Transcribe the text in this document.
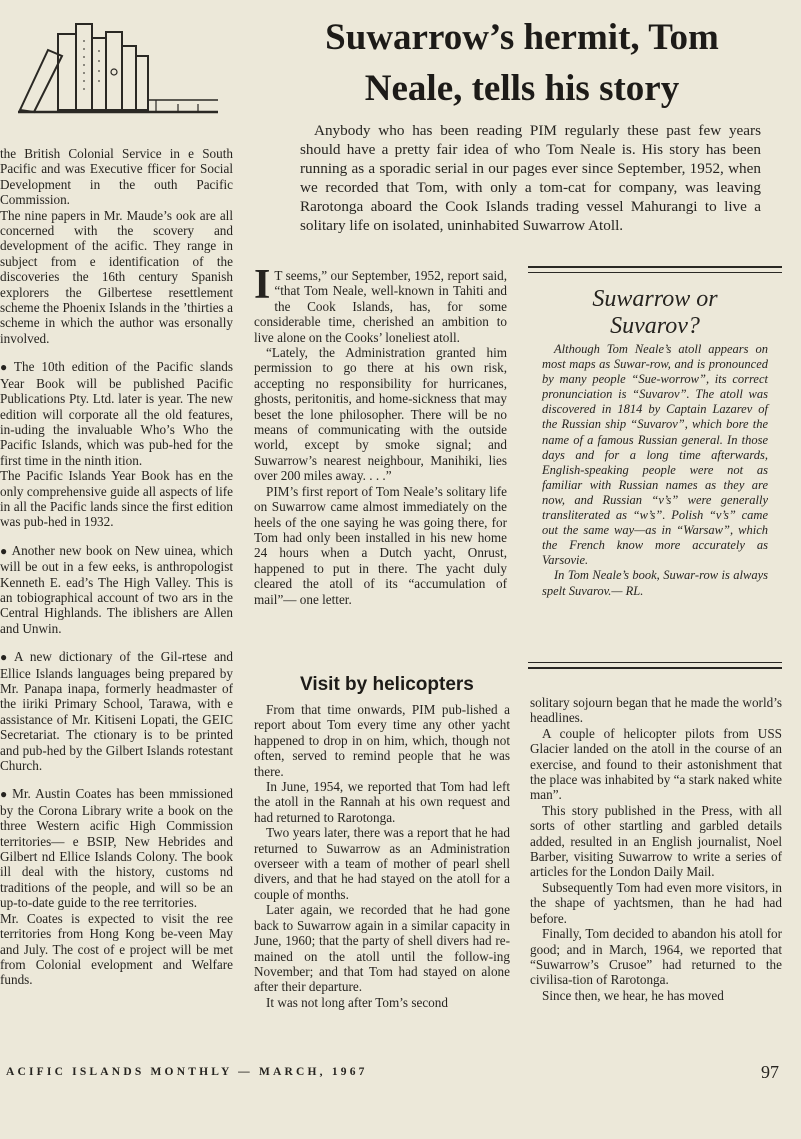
Suwarrow’s hermit, Tom
Neale, tells his story
Anybody who has been reading PIM regularly these past few years should have a pretty fair idea of who Tom Neale is. His story has been running as a sporadic serial in our pages ever since September, 1952, when we recorded that Tom, with only a tom-cat for company, was leaving Rarotonga aboard the Cook Islands trading vessel Mahurangi to live a solitary life on isolated, uninhabited Suwarrow Atoll.

the British Colonial Service in e South Pacific and was Executive fficer for Social Development in the outh Pacific Commission.

The nine papers in Mr. Maude’s ook are all concerned with the scovery and development of the acific. They range in subject from e identification of the discoveries the 16th century Spanish explorers the Gilbertese resettlement scheme the Phoenix Islands in the ’thirties a scheme in which the author was ersonally involved.

● The 10th edition of the Pacific slands Year Book will be published Pacific Publications Pty. Ltd. later is year. The new edition will corporate all the old features, in-uding the invaluable Who’s Who the Pacific Islands, which was pub-hed for the first time in the ninth ition.

The Pacific Islands Year Book has en the only comprehensive guide all aspects of life in all the Pacific lands since the first edition was pub-hed in 1932.

● Another new book on New uinea, which will be out in a few eeks, is anthropologist Kenneth E. ead’s The High Valley. This is an tobiographical account of two ars in the Central Highlands. The iblishers are Allen and Unwin.

● A new dictionary of the Gil-rtese and Ellice Islands languages being prepared by Mr. Panapa inapa, formerly headmaster of the iiriki Primary School, Tarawa, with e assistance of Mr. Kitiseni Lopati, the GEIC Secretariat. The ctionary is to be printed and pub-hed by the Gilbert Islands rotestant Church.

● Mr. Austin Coates has been mmissioned by the Corona Library write a book on the three Western acific High Commission territories— e BSIP, New Hebrides and Gilbert nd Ellice Islands Colony. The book ill deal with the history, customs nd traditions of the people, and will so be an up-to-date guide to the ree territories.

Mr. Coates is expected to visit the ree territories from Hong Kong be-veen May and July. The cost of e project will be met from Colonial evelopment and Welfare funds.

I T seems,” our September, 1952, report said, “that Tom Neale, well-known in Tahiti and the Cook Islands, has, for some considerable time, cherished an ambition to live alone on the Cooks’ loneliest atoll.

“Lately, the Administration granted him permission to go there at his own risk, accepting no responsibility for hurricanes, ghosts, peritonitis, and home-sickness that may beset the lone philosopher. There will be no means of communicating with the outside world, except by smoke signal; and Suwarrow’s nearest neighbour, Manihiki, lies over 200 miles away. . . .”

PIM’s first report of Tom Neale’s solitary life on Suwarrow came almost immediately on the heels of the one saying he was going there, for Tom had only been installed in his new home 24 hours when a Dutch yacht, Onrust, happened to put in there. The yacht duly cleared the atoll of its “accumulation of mail”— one letter.

Suwarrow or
Suvarov?

Although Tom Neale’s atoll appears on most maps as Suwar-row, and is pronounced by many people “Sue-worrow”, its correct pronunciation is “Suvarov”. The atoll was discovered in 1814 by Captain Lazarev of the Russian ship “Suvarov”, which bore the name of a famous Russian general. In those days and for a long time afterwards, English-speaking people were not as familiar with Russian names as they are now, and Russian “v’s” were generally transliterated as “w’s”. Polish “v’s” came out the same way—as in “Warsaw”, which the French know more accurately as Varsovie.

In Tom Neale’s book, Suwar-row is always spelt Suvarov.— RL.

Visit by helicopters

From that time onwards, PIM pub-lished a report about Tom every time any other yacht happened to drop in on him, which, though not often, served to remind people that he was there.

In June, 1954, we reported that Tom had left the atoll in the Rannah at his own request and had returned to Rarotonga.

Two years later, there was a report that he had returned to Suwarrow as an Administration overseer with a team of mother of pearl shell divers, and that he had stayed on the atoll for a couple of months.

Later again, we recorded that he had gone back to Suwarrow again in a similar capacity in June, 1960; that the party of shell divers had re-mained on the atoll until the follow-ing November; and that Tom had stayed on alone after their departure.

It was not long after Tom’s second

solitary sojourn began that he made the world’s headlines.

A couple of helicopter pilots from USS Glacier landed on the atoll in the course of an exercise, and found to their astonishment that the place was inhabited by “a stark naked white man”.

This story published in the Press, with all sorts of other startling and garbled details added, resulted in an English journalist, Noel Barber, visiting Suwarrow to write a series of articles for the London Daily Mail.

Subsequently Tom had even more visitors, in the shape of yachtsmen, than he had had before.

Finally, Tom decided to abandon his atoll for good; and in March, 1964, we reported that “Suwarrow’s Crusoe” had returned to the civilisa-tion of Rarotonga.

Since then, we hear, he has moved

ACIFIC ISLANDS MONTHLY — MARCH, 1967	97
